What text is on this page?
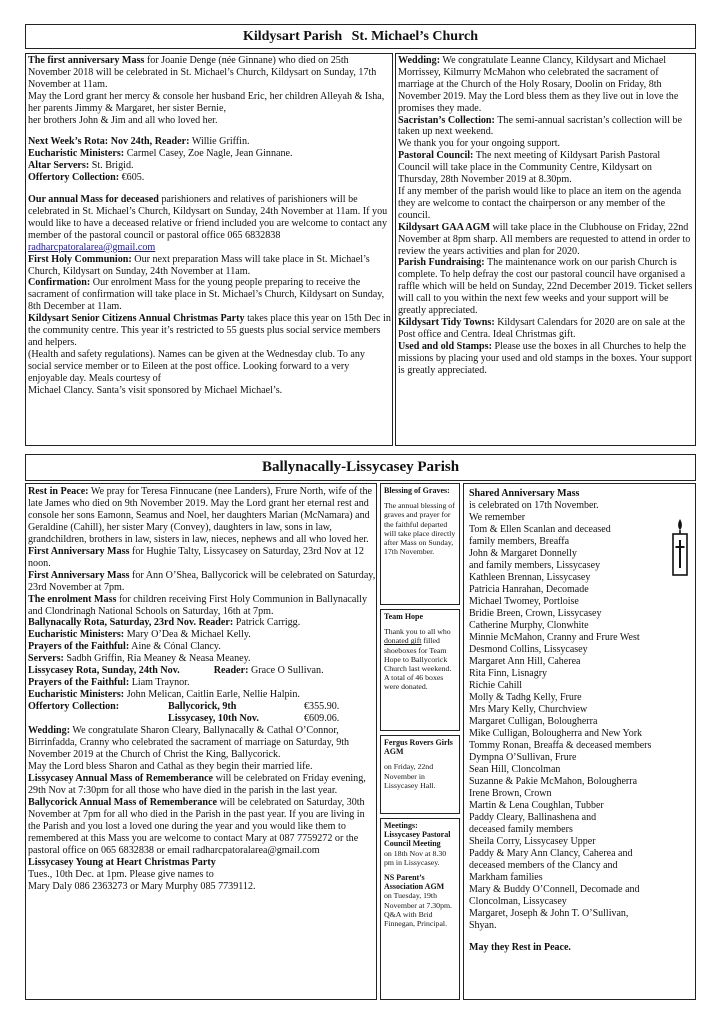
Kildysart Parish St. Michael’s Church

The first anniversary Mass for Joanie Denge (née Ginnane) who died on 25th November 2018 will be celebrated in St. Michael’s Church, Kildysart on Sunday, 17th November at 11am.

May the Lord grant her mercy & console her husband Eric, her children Alleyah & Isha, her parents Jimmy & Margaret, her sister Bernie,

her brothers John & Jim and all who loved her.

Next Week’s Rota: Nov 24th, Reader: Willie Griffin.

Eucharistic Ministers: Carmel Casey, Zoe Nagle, Jean Ginnane.

Altar Servers: St. Brigid.

Offertory Collection: €605.

Our annual Mass for deceased parishioners and relatives of parishioners will be celebrated in St. Michael’s Church, Kildysart on Sunday, 24th November at 11am. If you would like to have a deceased relative or friend included you are welcome to contact any member of the pastoral council or pastoral office 065 6832838

radharcpatoralarea@gmail.com

First Holy Communion: Our next preparation Mass will take place in St. Michael’s Church, Kildysart on Sunday, 24th November at 11am.

Confirmation: Our enrolment Mass for the young people preparing to receive the sacrament of confirmation will take place in St. Michael’s Church, Kildysart on Sunday, 8th December at 11am.

Kildysart Senior Citizens Annual Christmas Party takes place this year on 15th Dec in the community centre. This year it’s restricted to 55 guests plus social service members and helpers.

(Health and safety regulations). Names can be given at the Wednesday club. To any social service member or to Eileen at the post office. Looking forward to a very enjoyable day. Meals courtesy of

Michael Clancy. Santa’s visit sponsored by Michael Michael’s.

Wedding: We congratulate Leanne Clancy, Kildysart and Michael Morrissey, Kilmurry McMahon who celebrated the sacrament of marriage at the Church of the Holy Rosary, Doolin on Friday, 8th November 2019. May the Lord bless them as they live out in love the promises they made.

Sacristan’s Collection: The semi-annual sacristan’s collection will be taken up next weekend.

We thank you for your ongoing support.

Pastoral Council: The next meeting of Kildysart Parish Pastoral Council will take place in the Community Centre, Kildysart on Thursday, 28th November 2019 at 8.30pm.

If any member of the parish would like to place an item on the agenda they are welcome to contact the chairperson or any member of the council.

Kildysart GAA AGM will take place in the Clubhouse on Friday, 22nd November at 8pm sharp. All members are requested to attend in order to review the years activities and plan for 2020.

Parish Fundraising: The maintenance work on our parish Church is complete. To help defray the cost our pastoral council have organised a raffle which will be held on Sunday, 22nd December 2019. Ticket sellers will call to you within the next few weeks and your support will be greatly appreciated.

Kildysart Tidy Towns: Kildysart Calendars for 2020 are on sale at the Post office and Centra. Ideal Christmas gift.

Used and old Stamps: Please use the boxes in all Churches to help the missions by placing your used and old stamps in the boxes. Your support is greatly appreciated.

Ballynacally-Lissycasey Parish

Rest in Peace: We pray for Teresa Finnucane (nee Landers), Frure North, wife of the late James who died on 9th November 2019. May the Lord grant her eternal rest and console her sons Eamonn, Seamus and Noel, her daughters Marian (McNamara) and Geraldine (Cahill), her sister Mary (Convey), daughters in law, sons in law, grandchildren, brothers in law, sisters in law, nieces, nephews and all who loved her.

First Anniversary Mass for Hughie Talty, Lissycasey on Saturday, 23rd Nov at 12 noon.

First Anniversary Mass for Ann O’Shea, Ballycorick will be celebrated on Saturday, 23rd November at 7pm.

The enrolment Mass for children receiving First Holy Communion in Ballynacally and Clondrinagh National Schools on Saturday, 16th at 7pm.

Ballynacally Rota, Saturday, 23rd Nov. Reader: Patrick Carrigg.

Eucharistic Ministers: Mary O’Dea & Michael Kelly.

Prayers of the Faithful: Aine & Cónal Clancy.

Servers: Sadbh Griffin, Ria Meaney & Neasa Meaney.

Lissycasey Rota, Sunday, 24th Nov.	Reader: Grace O Sullivan.

Prayers of the Faithful: Liam Traynor.

Eucharistic Ministers: John Melican, Caitlin Earle, Nellie Halpin.

Offertory Collection:	Ballycorick, 9th	€355.90.

Lissycasey, 10th Nov.	€609.06.

Wedding: We congratulate Sharon Cleary, Ballynacally & Cathal O’Connor, Birrinfadda, Cranny who celebrated the sacrament of marriage on Saturday, 9th November 2019 at the Church of Christ the King, Ballycorick.

May the Lord bless Sharon and Cathal as they begin their married life.

Lissycasey Annual Mass of Rememberance will be celebrated on Friday evening, 29th Nov at 7:30pm for all those who have died in the parish in the last year.

Ballycorick Annual Mass of Rememberance will be celebrated on Saturday, 30th November at 7pm for all who died in the Parish in the past year. If you are living in the Parish and you lost a loved one during the year and you would like them to remembered at this Mass you are welcome to contact Mary at 087 7759272 or the pastoral office on 065 6832838 or email radharcpatoralarea@gmail.com

Lissycasey Young at Heart Christmas Party

Tues., 10th Dec. at 1pm. Please give names to

Mary Daly 086 2363273 or Mary Murphy 085 7739112.

Blessing of Graves:

The annual blessing of graves and prayer for the faithful departed will take place directly after Mass on Sunday, 17th November.

Team Hope

Thank you to all who donated gift filled shoeboxes for Team Hope to Ballycorick Church last weekend. A total of 46 boxes were donated.

Fergus Rovers Girls AGM

on Friday, 22nd November in Lissycasey Hall.

Meetings:

Lissycasey Pastoral Council Meeting

on 18th Nov at 8.30 pm in Lissycasey.

NS Parent’s Association AGM

on Tuesday, 19th November at 7.30pm.

Q&A with Brid Finnegan, Principal.

Shared Anniversary Mass

is celebrated on 17th November.

We remember

Tom & Ellen Scanlan and deceased

family members, Breaffa

John & Margaret Donnelly

and family members, Lissycasey

Kathleen Brennan, Lissycasey

Patricia Hanrahan, Decomade

Michael Twomey, Portloise

Bridie Breen, Crown, Lissycasey

Catherine Murphy, Clonwhite

Minnie McMahon, Cranny and Frure West

Desmond Collins, Lissycasey

Margaret Ann Hill, Caherea

Rita Finn, Lisnagry

Richie Cahill

Molly & Tadhg Kelly, Frure

Mrs Mary Kelly, Churchview

Margaret Culligan, Bolougherra

Mike Culligan, Bolougherra and New York

Tommy Ronan, Breaffa & deceased members

Dympna O’Sullivan, Frure

Sean Hill, Cloncolman

Suzanne & Pakie McMahon, Bolougherra

Irene Brown, Crown

Martin & Lena Coughlan, Tubber

Paddy Cleary, Ballinashena and

deceased family members

Sheila Corry, Lissycasey Upper

Paddy & Mary Ann Clancy, Caherea and

deceased members of the Clancy and

Markham families

Mary & Buddy O’Connell, Decomade and

Cloncolman, Lissycasey

Margaret, Joseph & John T. O’Sullivan,

Shyan.

May they Rest in Peace.
